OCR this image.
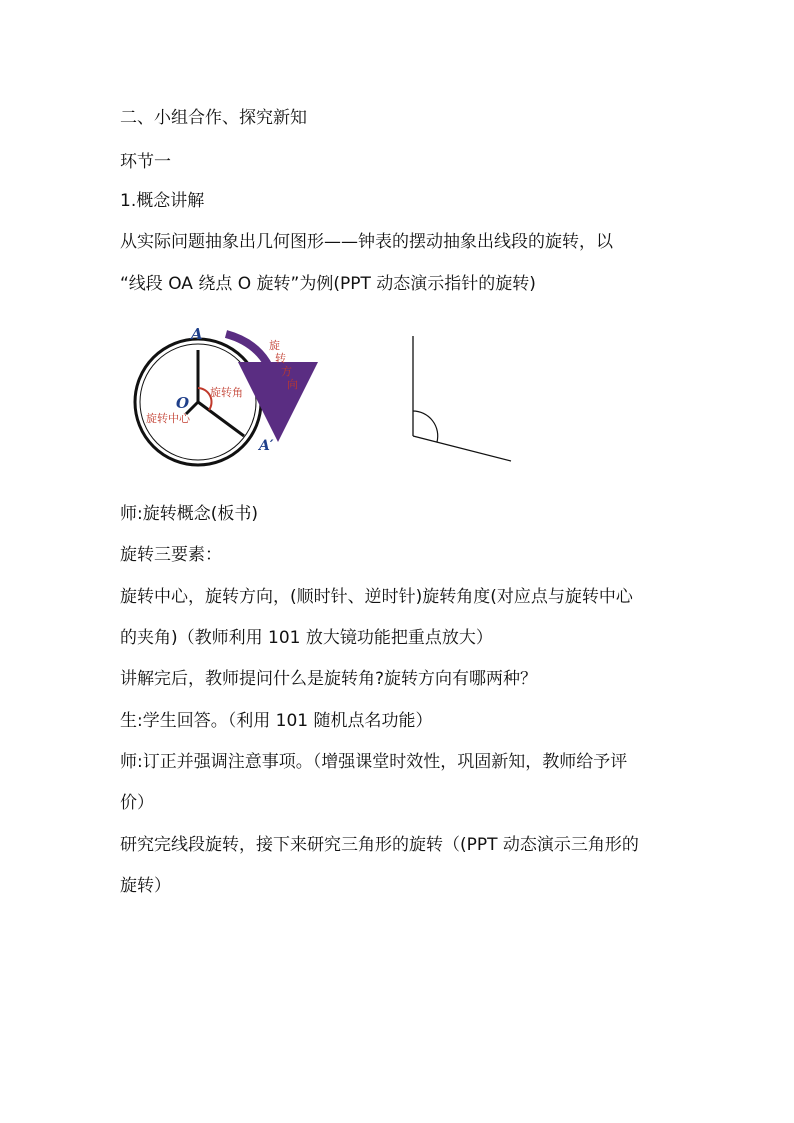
二、小组合作、探究新知
环节一
1.概念讲解
从实际问题抽象出几何图形——钟表的摆动抽象出线段的旋转，以
“线段 OA 绕点 O 旋转”为例(PPT 动态演示指针的旋转)
A
A′
O
旋转角
旋转中心
旋
转
方
向
师:旋转概念(板书)
旋转三要素：
旋转中心，旋转方向，(顺时针、逆时针)旋转角度(对应点与旋转中心
的夹角)（教师利用 101 放大镜功能把重点放大）
讲解完后，教师提问什么是旋转角?旋转方向有哪两种？
生:学生回答。（利用 101 随机点名功能）
师:订正并强调注意事项。（增强课堂时效性，巩固新知，教师给予评
价）
研究完线段旋转，接下来研究三角形的旋转（(PPT 动态演示三角形的
旋转）
